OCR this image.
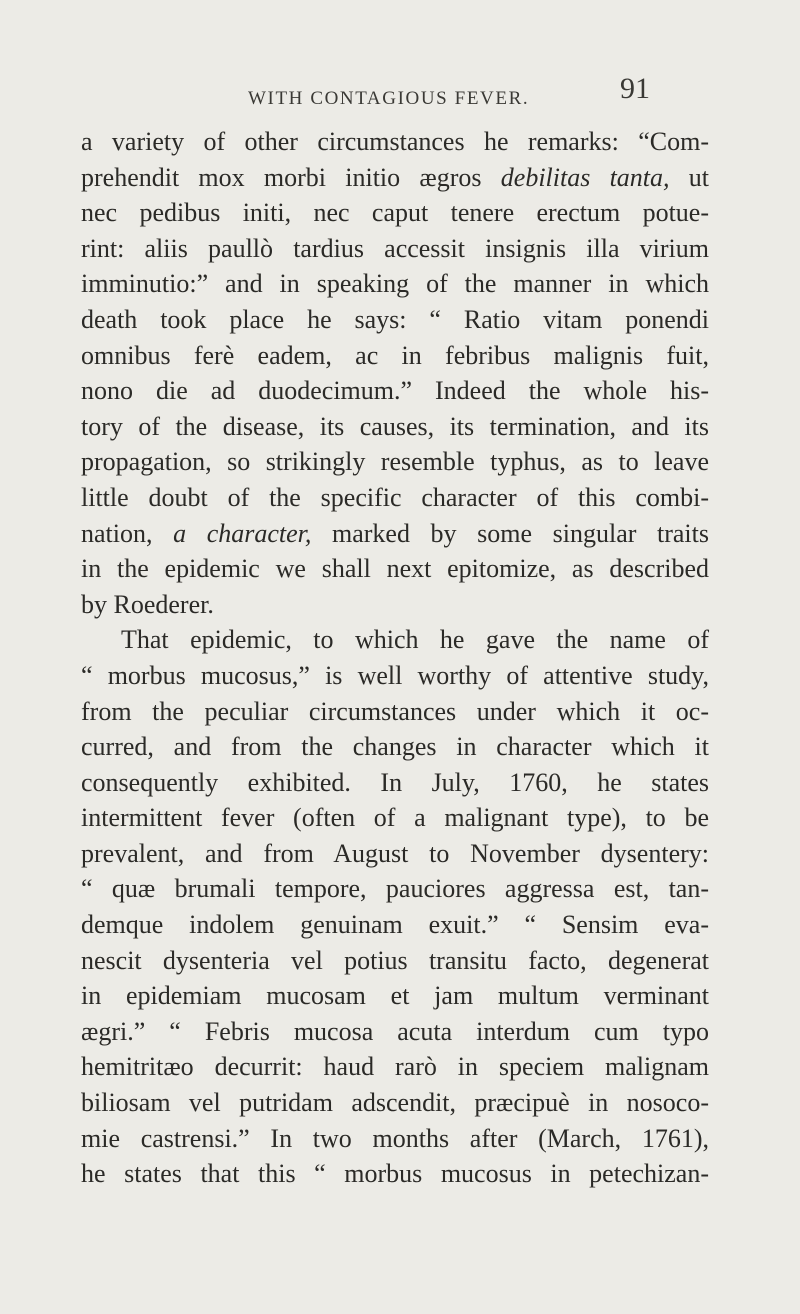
WITH CONTAGIOUS FEVER.	91
a variety of other circumstances he remarks: “Com-
prehendit mox morbi initio ægros debilitas tanta, ut
nec pedibus initi, nec caput tenere erectum potue-
rint: aliis paullò tardius accessit insignis illa virium
imminutio:” and in speaking of the manner in which
death took place he says: “ Ratio vitam ponendi
omnibus ferè eadem, ac in febribus malignis fuit,
nono die ad duodecimum.” Indeed the whole his-
tory of the disease, its causes, its termination, and its
propagation, so strikingly resemble typhus, as to leave
little doubt of the specific character of this combi-
nation, a character, marked by some singular traits
in the epidemic we shall next epitomize, as described
by Roederer.
That epidemic, to which he gave the name of
“ morbus mucosus,” is well worthy of attentive study,
from the peculiar circumstances under which it oc-
curred, and from the changes in character which it
consequently exhibited. In July, 1760, he states
intermittent fever (often of a malignant type), to be
prevalent, and from August to November dysentery:
“ quæ brumali tempore, pauciores aggressa est, tan-
demque indolem genuinam exuit.” “ Sensim eva-
nescit dysenteria vel potius transitu facto, degenerat
in epidemiam mucosam et jam multum verminant
ægri.” “ Febris mucosa acuta interdum cum typo
hemitritæo decurrit: haud rarò in speciem malignam
biliosam vel putridam adscendit, præcipuè in nosoco-
mie castrensi.” In two months after (March, 1761),
he states that this “ morbus mucosus in petechizan-
